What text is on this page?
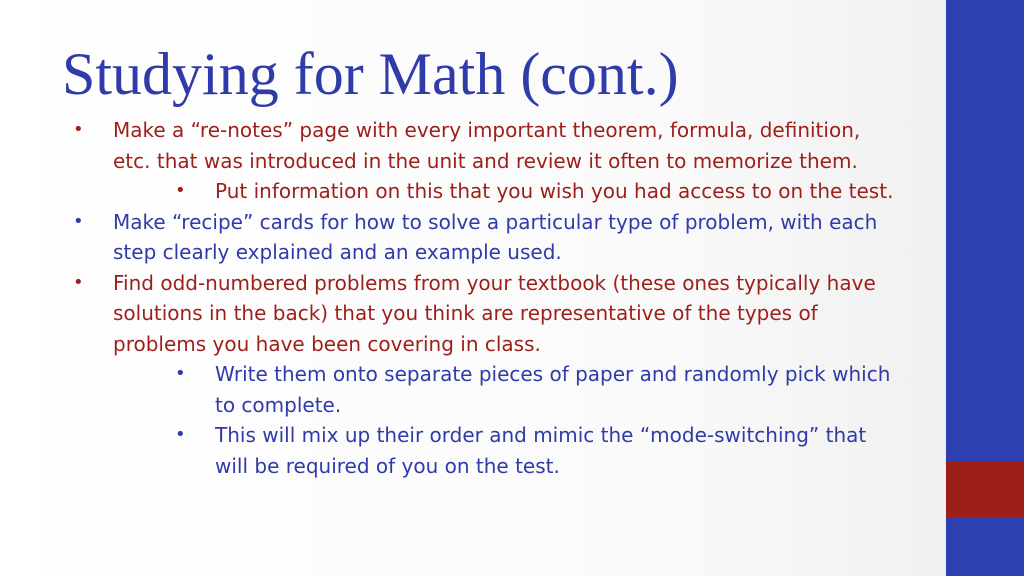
Studying for Math (cont.)

• Make a “re-notes” page with every important theorem, formula, definition, etc. that was introduced in the unit and review it often to memorize them.

• Put information on this that you wish you had access to on the test.

• Make “recipe” cards for how to solve a particular type of problem, with each step clearly explained and an example used.

• Find odd-numbered problems from your textbook (these ones typically have solutions in the back) that you think are representative of the types of problems you have been covering in class.

• Write them onto separate pieces of paper and randomly pick which to complete.

• This will mix up their order and mimic the “mode-switching” that will be required of you on the test.
